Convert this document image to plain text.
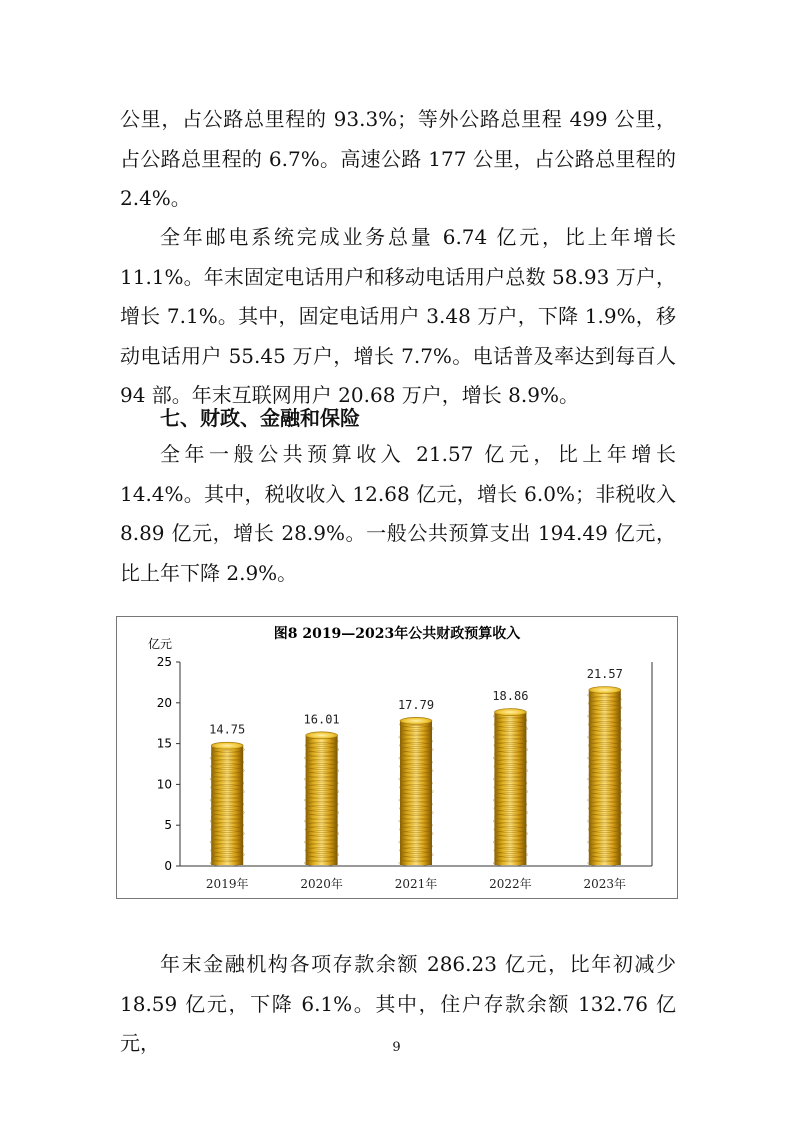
公里，占公路总里程的 93.3%；等外公路总里程 499 公里，占公路总里程的 6.7%。高速公路 177 公里，占公路总里程的 2.4%。

全年邮电系统完成业务总量 6.74 亿元，比上年增长 11.1%。年末固定电话用户和移动电话用户总数 58.93 万户，增长 7.1%。其中，固定电话用户 3.48 万户，下降 1.9%，移动电话用户 55.45 万户，增长 7.7%。电话普及率达到每百人 94 部。年末互联网用户 20.68 万户，增长 8.9%。

七、财政、金融和保险

全年一般公共预算收入 21.57 亿元，比上年增长 14.4%。其中，税收收入 12.68 亿元，增长 6.0%；非税收入 8.89 亿元，增长 28.9%。一般公共预算支出 194.49 亿元，比上年下降 2.9%。

图8 2019—2023年公共财政预算收入
亿元
0
5
10
15
20
25
14.75
2019年
16.01
2020年
17.79
2021年
18.86
2022年
21.57
2023年

年末金融机构各项存款余额 286.23 亿元，比年初减少 18.59 亿元，下降 6.1%。其中，住户存款余额 132.76 亿元，	9
